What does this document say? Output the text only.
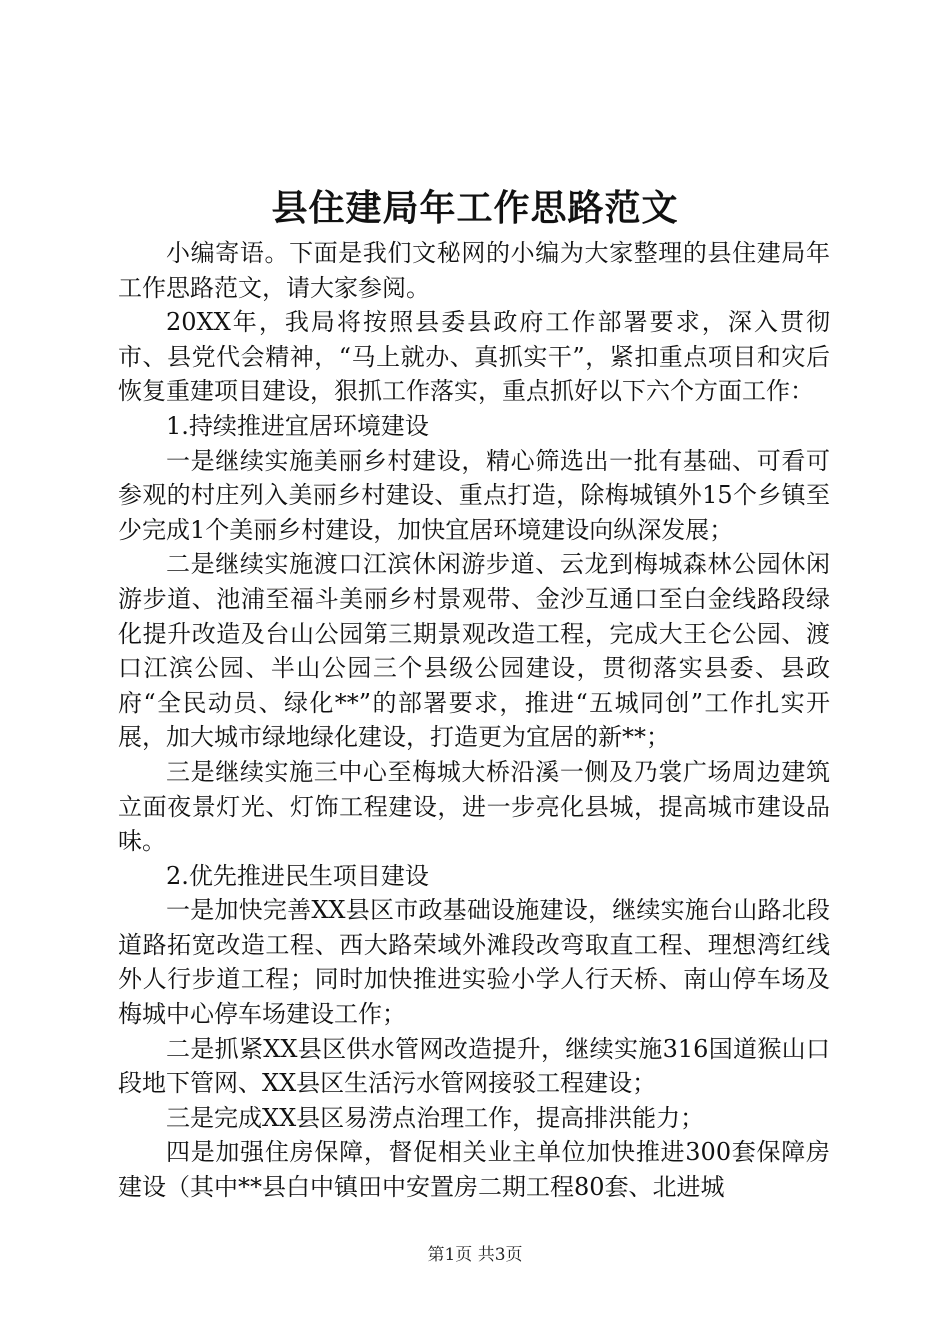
县住建局年工作思路范文

小编寄语。下面是我们文秘网的小编为大家整理的县住建局年工作思路范文，请大家参阅。

20XX年，我局将按照县委县政府工作部署要求，深入贯彻市、县党代会精神，“马上就办、真抓实干”，紧扣重点项目和灾后恢复重建项目建设，狠抓工作落实，重点抓好以下六个方面工作：

1.持续推进宜居环境建设

一是继续实施美丽乡村建设，精心筛选出一批有基础、可看可参观的村庄列入美丽乡村建设、重点打造，除梅城镇外15个乡镇至少完成1个美丽乡村建设，加快宜居环境建设向纵深发展；

二是继续实施渡口江滨休闲游步道、云龙到梅城森林公园休闲游步道、池浦至福斗美丽乡村景观带、金沙互通口至白金线路段绿化提升改造及台山公园第三期景观改造工程，完成大王仑公园、渡口江滨公园、半山公园三个县级公园建设，贯彻落实县委、县政府“全民动员、绿化**”的部署要求，推进“五城同创”工作扎实开展，加大城市绿地绿化建设，打造更为宜居的新**；

三是继续实施三中心至梅城大桥沿溪一侧及乃裳广场周边建筑立面夜景灯光、灯饰工程建设，进一步亮化县城，提高城市建设品味。

2.优先推进民生项目建设

一是加快完善XX县区市政基础设施建设，继续实施台山路北段道路拓宽改造工程、西大路荣域外滩段改弯取直工程、理想湾红线外人行步道工程；同时加快推进实验小学人行天桥、南山停车场及梅城中心停车场建设工作；

二是抓紧XX县区供水管网改造提升，继续实施316国道猴山口段地下管网、XX县区生活污水管网接驳工程建设；

三是完成XX县区易涝点治理工作，提高排洪能力；

四是加强住房保障，督促相关业主单位加快推进300套保障房建设（其中**县白中镇田中安置房二期工程80套、北进城

第1页 共3页
